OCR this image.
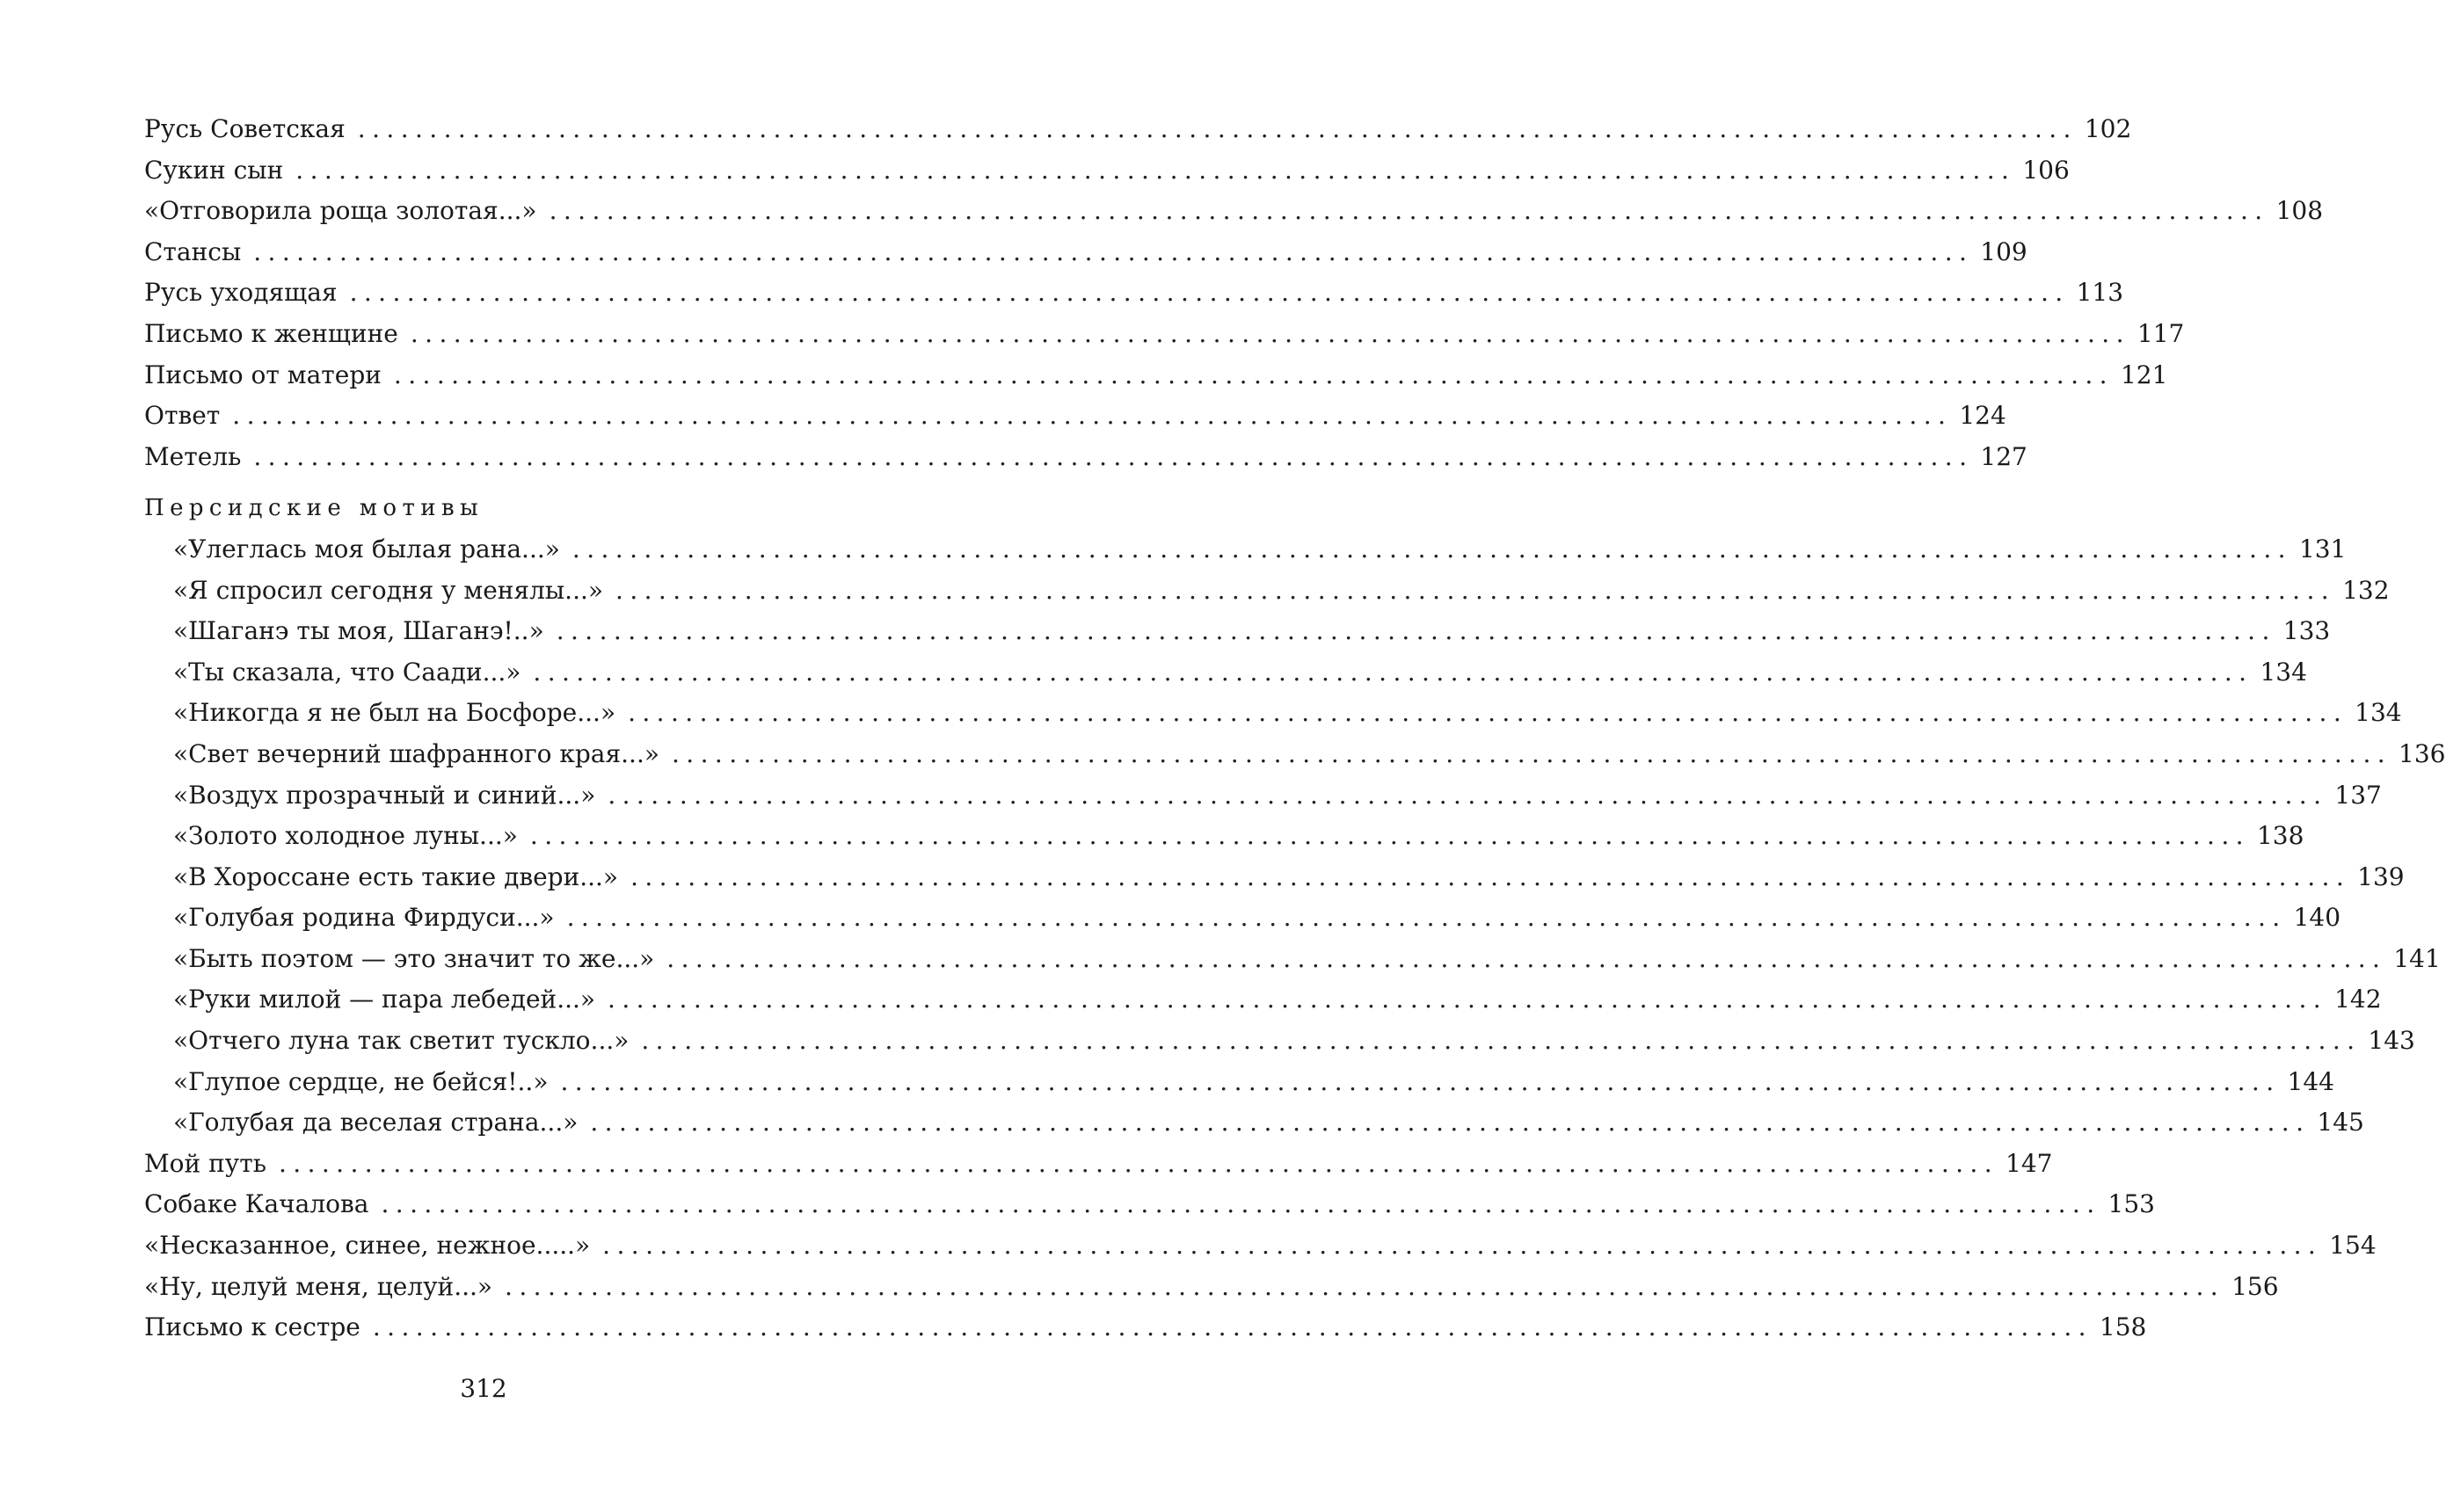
Русь Советская ........................................................................................................................ 102
Сукин сын ........................................................................................................................ 106
«Отговорила роща золотая...» ........................................................................................................................ 108
Стансы ........................................................................................................................ 109
Русь уходящая ........................................................................................................................ 113
Письмо к женщине ........................................................................................................................ 117
Письмо от матери ........................................................................................................................ 121
Ответ ........................................................................................................................ 124
Метель ........................................................................................................................ 127
Персидские мотивы
«Улеглась моя былая рана...» ........................................................................................................................ 131
«Я спросил сегодня у менялы...» ........................................................................................................................ 132
«Шаганэ ты моя, Шаганэ!..» ........................................................................................................................ 133
«Ты сказала, что Саади...» ........................................................................................................................ 134
«Никогда я не был на Босфоре...» ........................................................................................................................ 134
«Свет вечерний шафранного края...» ........................................................................................................................ 136
«Воздух прозрачный и синий...» ........................................................................................................................ 137
«Золото холодное луны...» ........................................................................................................................ 138
«В Хороссане есть такие двери...» ........................................................................................................................ 139
«Голубая родина Фирдуси...» ........................................................................................................................ 140
«Быть поэтом — это значит то же...» ........................................................................................................................ 141
«Руки милой — пара лебедей...» ........................................................................................................................ 142
«Отчего луна так светит тускло...» ........................................................................................................................ 143
«Глупое сердце, не бейся!..» ........................................................................................................................ 144
«Голубая да веселая страна...» ........................................................................................................................ 145
Мой путь ........................................................................................................................ 147
Собаке Качалова ........................................................................................................................ 153
«Несказанное, синее, нежное.....» ........................................................................................................................ 154
«Ну, целуй меня, целуй...» ........................................................................................................................ 156
Письмо к сестре ........................................................................................................................ 158
312
